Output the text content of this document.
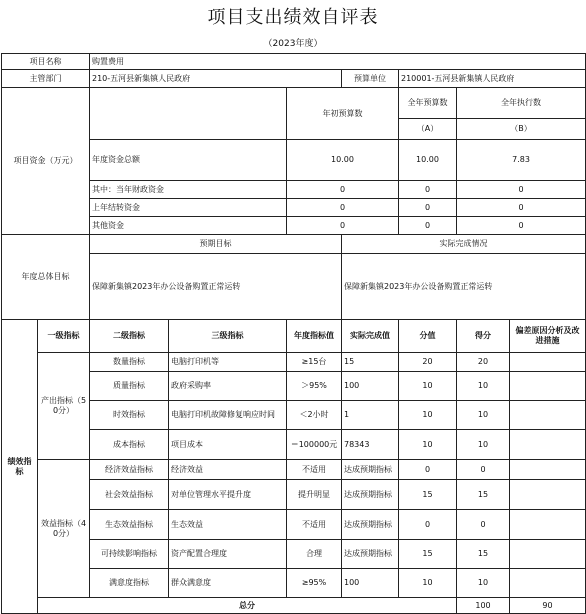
项目支出绩效自评表
（2023年度）
项目名称		购置费用							
主管部门		210-五河县新集镇人民政府			预算单位	210001-五河县新集镇人民政府			
项目资金（万元）				年初预算数		全年预算数	全年执行数	
						（A）	（B）	
		年度资金总额		10.00		10.00	7.83	
		其中：当年财政资金		0		0	0	
		上年结转资金		0		0	0	
		其他资金		0		0	0	
年度总体目标		预期目标			实际完成情况				
		保障新集镇2023年办公设备购置正常运转			保障新集镇2023年办公设备购置正常运转				
绩效指标	一级指标	二级指标	三级指标	年度指标值	实际完成值	分值	得分	偏差原因分析及改进措施	
	产出指标（50分）	数量指标	电脑打印机等	≥15台	15	20	20		
		质量指标	政府采购率	＞95%	100	10	10		
		时效指标	电脑打印机故障修复响应时间	＜2小时	1	10	10		
		成本指标	项目成本	＝100000元	78343	10	10		
	效益指标（40分）	经济效益指标	经济效益	不适用	达成预期指标	0	0		
		社会效益指标	对单位管理水平提升度	提升明显	达成预期指标	15	15		
		生态效益指标	生态效益	不适用	达成预期指标	0	0		
		可持续影响指标	资产配置合理度	合理	达成预期指标	15	15		
		满意度指标	群众满意度	≥95%	100	10	10		
	总分						100	90	
